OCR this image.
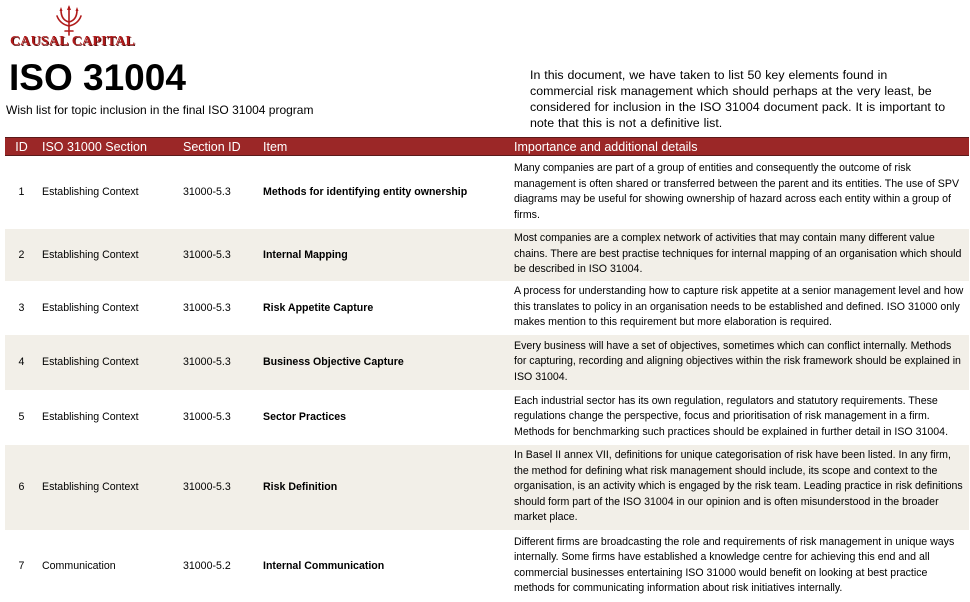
CAUSAL CAPITAL
ISO 31004
Wish list for topic inclusion in the final ISO 31004 program
In this document, we have taken to list 50 key elements found in commercial risk management which should perhaps at the very least, be considered for inclusion in the ISO 31004 document pack. It is important to note that this is not a definitive list.
ID	ISO 31000 Section	Section ID	Item	Importance and additional details
1	Establishing Context	31000-5.3	Methods for identifying entity ownership	Many companies are part of a group of entities and consequently the outcome of risk management is often shared or transferred between the parent and its entities. The use of SPV diagrams may be useful for showing ownership of hazard across each entity within a group of firms.
2	Establishing Context	31000-5.3	Internal Mapping	Most companies are a complex network of activities that may contain many different value chains. There are best practise techniques for internal mapping of an organisation which should be described in ISO 31004.
3	Establishing Context	31000-5.3	Risk Appetite Capture	A process for understanding how to capture risk appetite at a senior management level and how this translates to policy in an organisation needs to be established and defined. ISO 31000 only makes mention to this requirement but more elaboration is required.
4	Establishing Context	31000-5.3	Business Objective Capture	Every business will have a set of objectives, sometimes which can conflict internally. Methods for capturing, recording and aligning objectives within the risk framework should be explained in ISO 31004.
5	Establishing Context	31000-5.3	Sector Practices	Each industrial sector has its own regulation, regulators and statutory requirements. These regulations change the perspective, focus and prioritisation of risk management in a firm. Methods for benchmarking such practices should be explained in further detail in ISO 31004.
6	Establishing Context	31000-5.3	Risk Definition	In Basel II annex VII, definitions for unique categorisation of risk have been listed. In any firm, the method for defining what risk management should include, its scope and context to the organisation, is an activity which is engaged by the risk team. Leading practice in risk definitions should form part of the ISO 31004 in our opinion and is often misunderstood in the broader market place.
7	Communication	31000-5.2	Internal Communication	Different firms are broadcasting the role and requirements of risk management in unique ways internally. Some firms have established a knowledge centre for achieving this end and all commercial businesses entertaining ISO 31000 would benefit on looking at best practice methods for communicating information about risk initiatives internally.
